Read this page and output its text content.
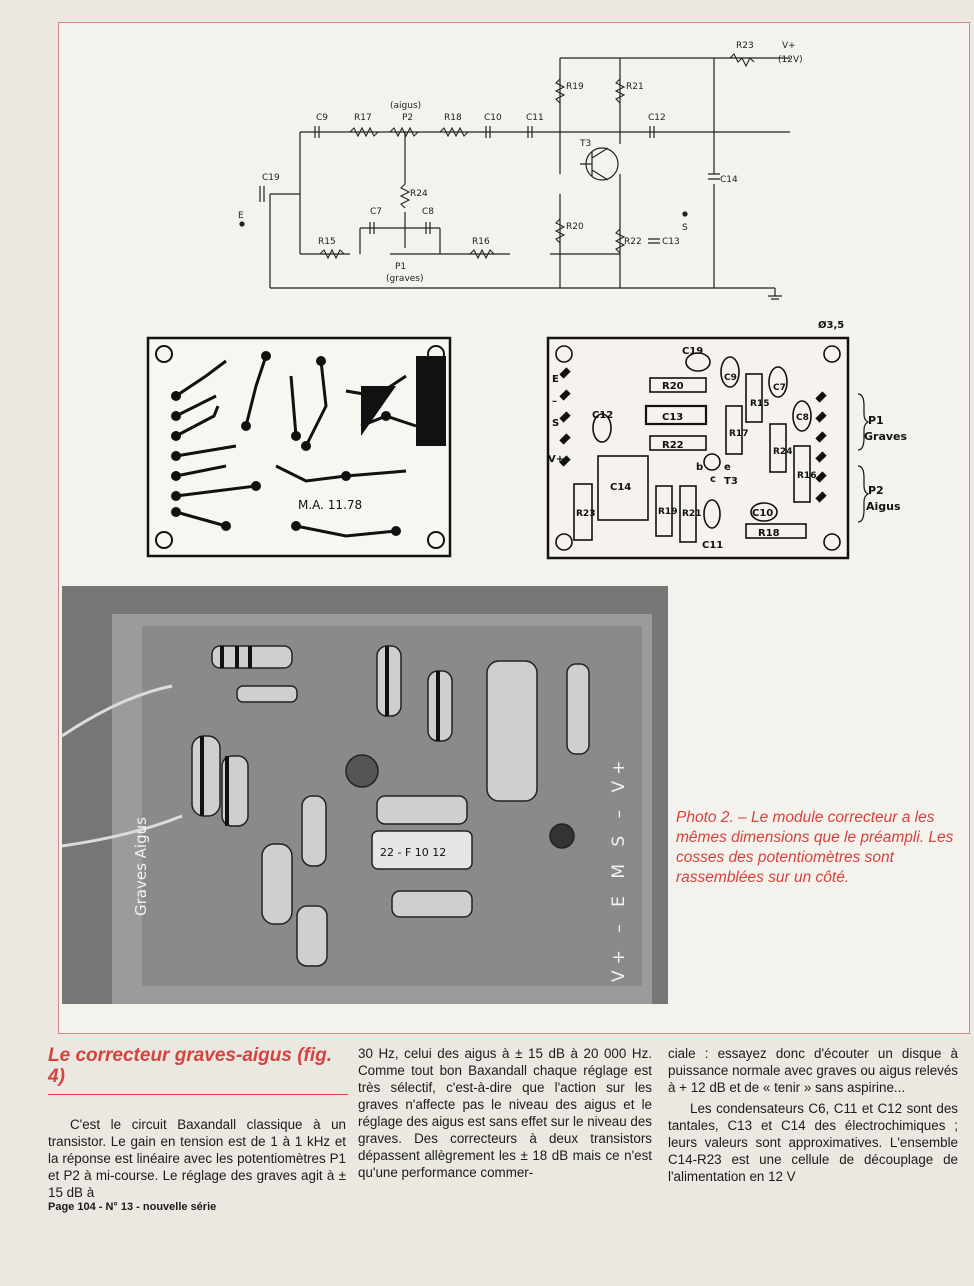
C9	R17
(aigus)
P2	R18 C10	C11
R19	R21
T3
C12
R23	V+
(12V)
C19
E
R24
C7	C8
R15	R16
P1
(graves)
R20
R22 C13
S
C14
M.A. 11.78
Ø3,5
C19
C9
R15
C7
R20
C12	C13
R17
C8
R22
R24
b e
c T3	R16
C14
R23	R19 R21	C10
C11
R18
E
–
S
V+
P1
Graves
P2
Aigus
Graves Aigus	V+ – E M S – V+
22 - F 10 12
Photo 2. – Le module correcteur a les mêmes dimensions que le préampli. Les cosses des potentiomètres sont rassemblées sur un côté.
Le correcteur graves-aigus (fig. 4)

C'est le circuit Baxandall classique à un transistor. Le gain en tension est de 1 à 1 kHz et la réponse est linéaire avec les potentiomètres P1 et P2 à mi-course. Le réglage des graves agit à ± 15 dB à

30 Hz, celui des aigus à ± 15 dB à 20 000 Hz. Comme tout bon Baxandall chaque réglage est très sélectif, c'est-à-dire que l'action sur les graves n'affecte pas le niveau des aigus et le réglage des aigus est sans effet sur le niveau des graves. Des correcteurs à deux transistors dépassent allègrement les ± 18 dB mais ce n'est qu'une performance commer-

ciale : essayez donc d'écouter un disque à puissance normale avec graves ou aigus relevés à + 12 dB et de « tenir » sans aspirine...

Les condensateurs C6, C11 et C12 sont des tantales, C13 et C14 des électrochimiques ; leurs valeurs sont approximatives. L'ensemble C14-R23 est une cellule de découplage de l'alimentation en 12 V

Page 104 - N° 13 - nouvelle série
